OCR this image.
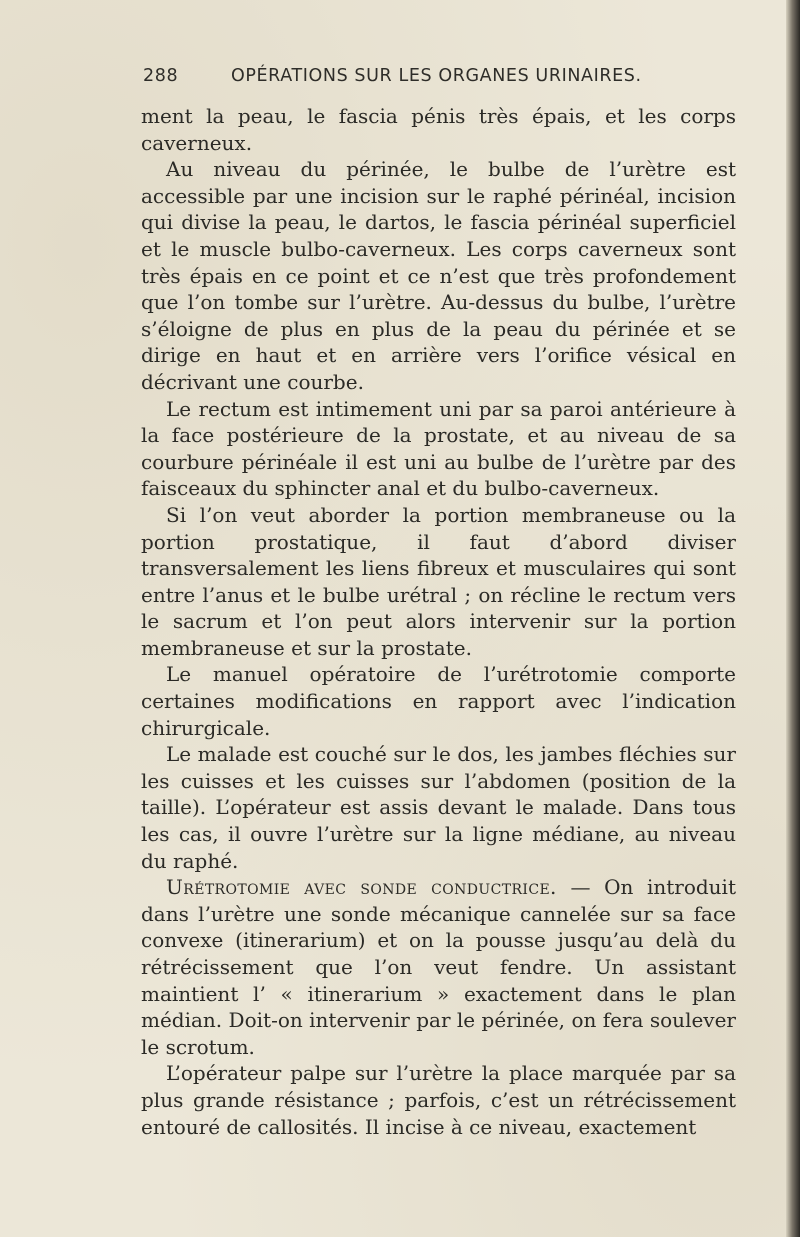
288	OPÉRATIONS SUR LES ORGANES URINAIRES.

ment la peau, le fascia pénis très épais, et les corps caverneux.

Au niveau du périnée, le bulbe de l’urètre est accessible par une incision sur le raphé périnéal, incision qui divise la peau, le dartos, le fascia périnéal superficiel et le muscle bulbo-caverneux. Les corps caverneux sont très épais en ce point et ce n’est que très profondement que l’on tombe sur l’urètre. Au-dessus du bulbe, l’urètre s’éloigne de plus en plus de la peau du périnée et se dirige en haut et en arrière vers l’orifice vésical en décrivant une courbe.

Le rectum est intimement uni par sa paroi antérieure à la face postérieure de la prostate, et au niveau de sa courbure périnéale il est uni au bulbe de l’urètre par des faisceaux du sphincter anal et du bulbo-caverneux.

Si l’on veut aborder la portion membraneuse ou la portion prostatique, il faut d’abord diviser transversalement les liens fibreux et musculaires qui sont entre l’anus et le bulbe urétral ; on récline le rectum vers le sacrum et l’on peut alors intervenir sur la portion membraneuse et sur la prostate.

Le manuel opératoire de l’urétrotomie comporte certaines modifications en rapport avec l’indication chirurgicale.

Le malade est couché sur le dos, les jambes fléchies sur les cuisses et les cuisses sur l’abdomen (position de la taille). L’opérateur est assis devant le malade. Dans tous les cas, il ouvre l’urètre sur la ligne médiane, au niveau du raphé.

Urétrotomie avec sonde conductrice. — On introduit dans l’urètre une sonde mécanique cannelée sur sa face convexe (itinerarium) et on la pousse jusqu’au delà du rétrécissement que l’on veut fendre. Un assistant maintient l’ « itinerarium » exactement dans le plan médian. Doit-on intervenir par le périnée, on fera soulever le scrotum.

L’opérateur palpe sur l’urètre la place marquée par sa plus grande résistance ; parfois, c’est un rétrécissement entouré de callosités. Il incise à ce niveau, exactement
